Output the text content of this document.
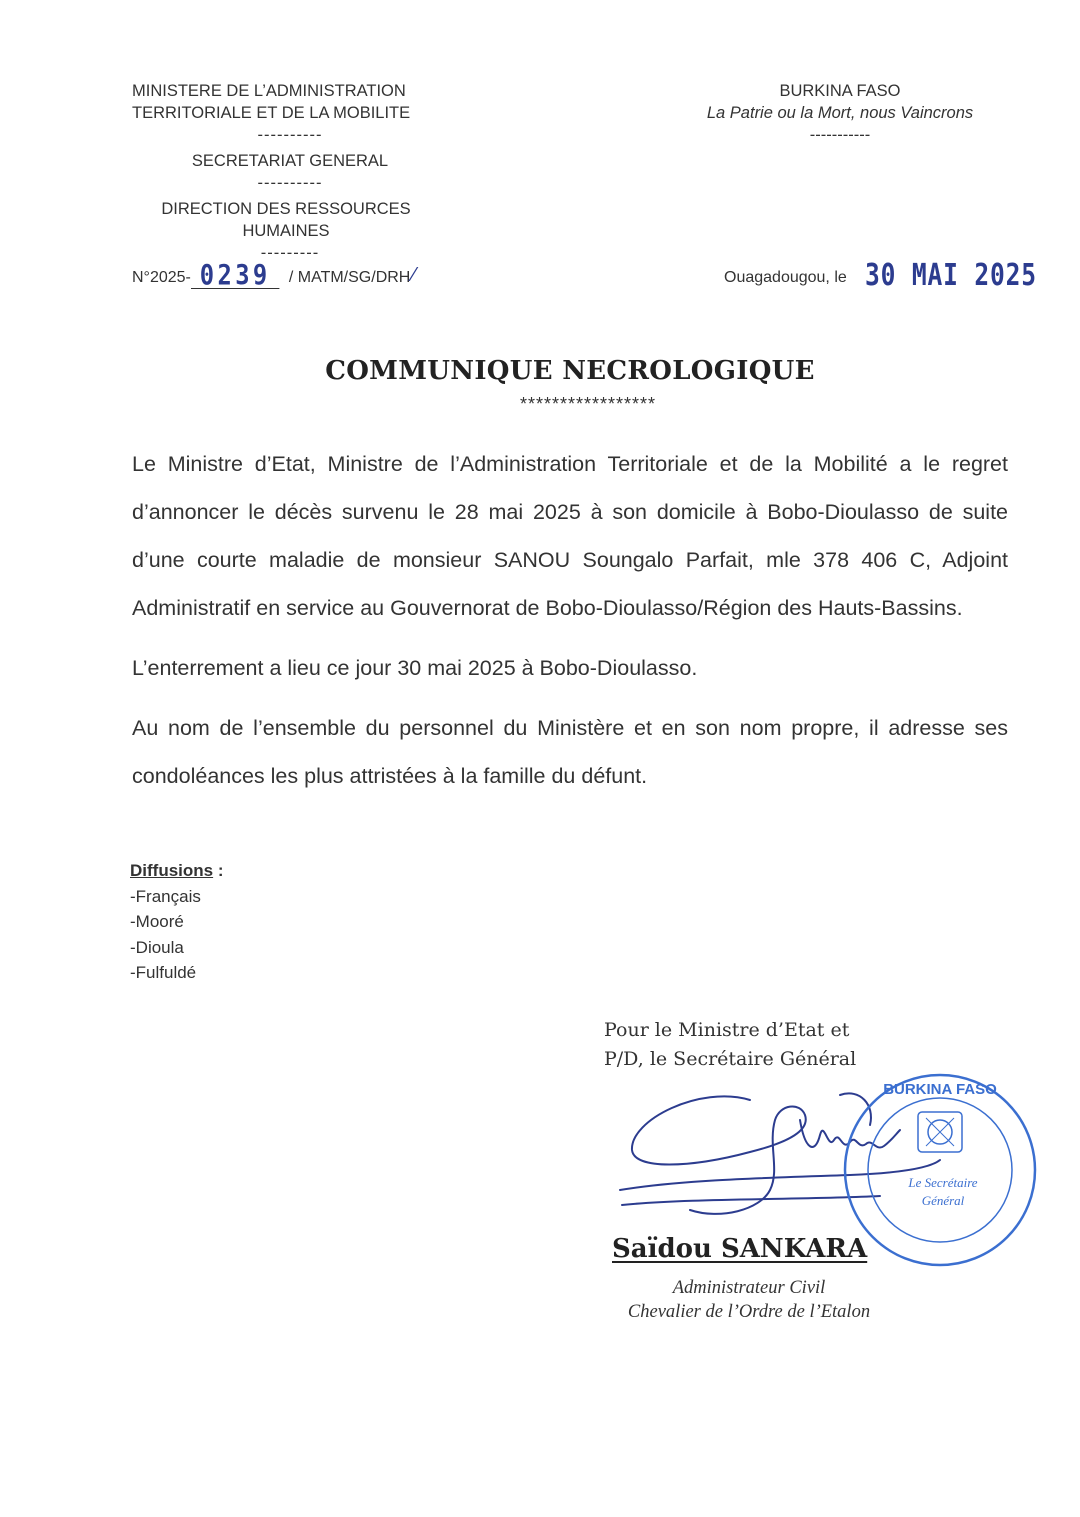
MINISTERE DE L’ADMINISTRATION
TERRITORIALE ET DE LA MOBILITE
----------
SECRETARIAT GENERAL
----------
DIRECTION DES RESSOURCES HUMAINES
---------
BURKINA FASO
La Patrie ou la Mort, nous Vaincrons
-----------
N°2025- 0239	/ MATM/SG/DRH ⁄	Ouagadougou, le 30 MAI 2025
COMMUNIQUE NECROLOGIQUE
*****************

Le Ministre d’Etat, Ministre de l’Administration Territoriale et de la Mobilité a le regret d’annoncer le décès survenu le 28 mai 2025 à son domicile à Bobo-Dioulasso de suite d’une courte maladie de monsieur SANOU Soungalo Parfait, mle 378 406 C, Adjoint Administratif en service au Gouvernorat de Bobo-Dioulasso/Région des Hauts-Bassins.

L’enterrement a lieu ce jour 30 mai 2025 à Bobo-Dioulasso.

Au nom de l’ensemble du personnel du Ministère et en son nom propre, il adresse ses condoléances les plus attristées à la famille du défunt.

Diffusions :
-Français
-Mooré
-Dioula
-Fulfuldé
Pour le Ministre d’Etat et
P/D, le Secrétaire Général
BURKINA FASO
Le Secrétaire
Général
Saïdou SANKARA
Administrateur Civil
Chevalier de l’Ordre de l’Etalon
